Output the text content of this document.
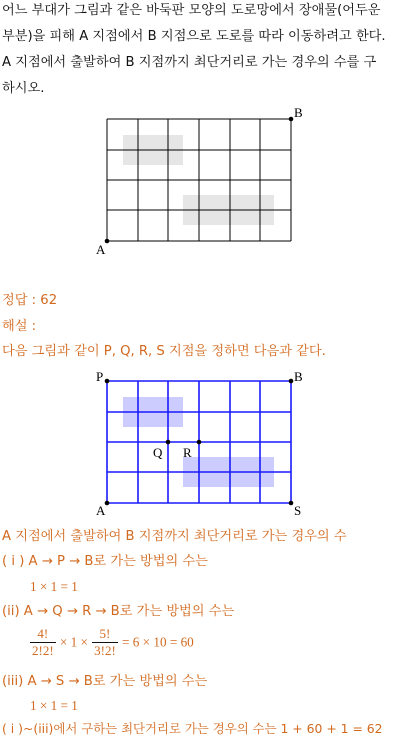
어느 부대가 그림과 같은 바둑판 모양의 도로망에서 장애물(어두운
부분)을 피해 A 지점에서 B 지점으로 도로를 따라 이동하려고 한다.
A 지점에서 출발하여 B 지점까지 최단거리로 가는 경우의 수를 구
하시오.
A
B
정답 : 62
해설 :
다음 그림과 같이 P, Q, R, S 지점을 정하면 다음과 같다.
P	B
Q R
A	S
A 지점에서 출발하여 B 지점까지 최단거리로 가는 경우의 수
( i ) A → P → B로 가는 방법의 수는
1 × 1 = 1
(ii) A → Q → R → B로 가는 방법의 수는
$\frac{4!}{2!2!} \times 1 \times \frac{5!}{3!2!} = 6 \times 10 = 60$
(iii) A → S → B로 가는 방법의 수는
1 × 1 = 1
( i )~(iii)에서 구하는 최단거리로 가는 경우의 수는 1 + 60 + 1 = 62
